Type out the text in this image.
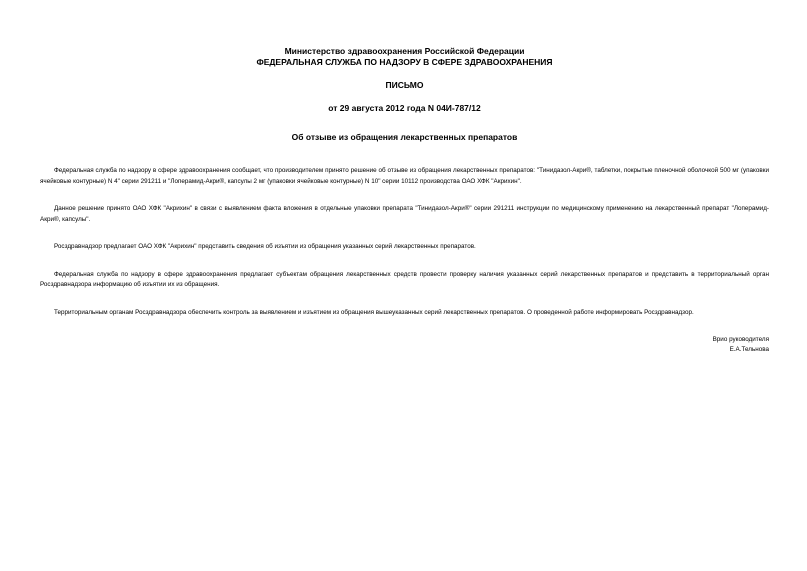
Министерство здравоохранения Российской Федерации
ФЕДЕРАЛЬНАЯ СЛУЖБА ПО НАДЗОРУ В СФЕРЕ ЗДРАВООХРАНЕНИЯ
ПИСЬМО
от 29 августа 2012 года N 04И-787/12
Об отзыве из обращения лекарственных препаратов

Федеральная служба по надзору в сфере здравоохранения сообщает, что производителем принято решение об отзыве из обращения лекарственных препаратов: "Тинидазол-Акри®, таблетки, покрытые пленочной оболочкой 500 мг (упаковки ячейковые контурные) N 4" серии 291211 и "Лоперамид-Акри®, капсулы 2 мг (упаковки ячейковые контурные) N 10" серии 10112 производства ОАО ХФК "Акрихин".

Данное решение принято ОАО ХФК "Акрихин" в связи с выявлением факта вложения в отдельные упаковки препарата "Тинидазол-Акри®" серии 291211 инструкции по медицинскому применению на лекарственный препарат "Лоперамид-Акри®, капсулы".

Росздравнадзор предлагает ОАО ХФК "Акрихин" представить сведения об изъятии из обращения указанных серий лекарственных препаратов.

Федеральная служба по надзору в сфере здравоохранения предлагает субъектам обращения лекарственных средств провести проверку наличия указанных серий лекарственных препаратов и представить в территориальный орган Росздравнадзора информацию об изъятии их из обращения.

Территориальным органам Росздравнадзора обеспечить контроль за выявлением и изъятием из обращения вышеуказанных серий лекарственных препаратов. О проведенной работе информировать Росздравнадзор.

Врио руководителя
Е.А.Тельнова
